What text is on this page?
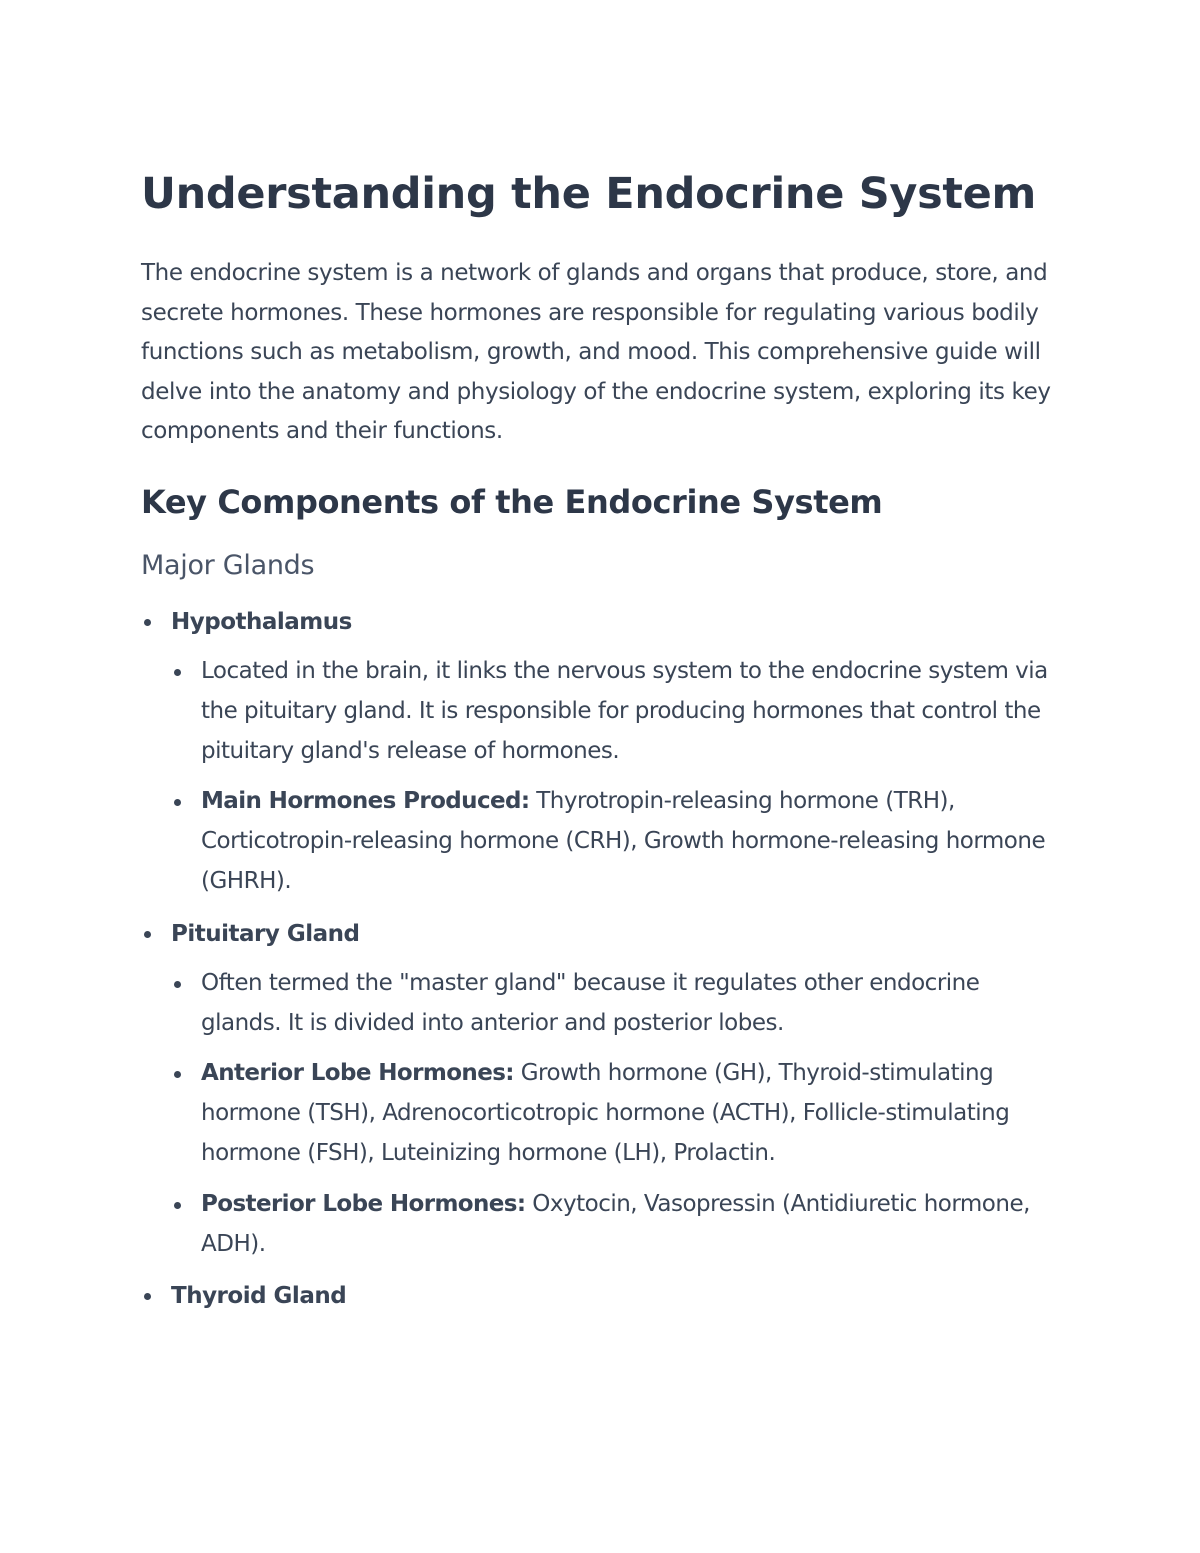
Understanding the Endocrine System

The endocrine system is a network of glands and organs that produce, store, and secrete hormones. These hormones are responsible for regulating various bodily functions such as metabolism, growth, and mood. This comprehensive guide will delve into the anatomy and physiology of the endocrine system, exploring its key components and their functions.

Key Components of the Endocrine System
Major Glands
Hypothalamus
Located in the brain, it links the nervous system to the endocrine system via the pituitary gland. It is responsible for producing hormones that control the pituitary gland's release of hormones.
Main Hormones Produced: Thyrotropin-releasing hormone (TRH), Corticotropin-releasing hormone (CRH), Growth hormone-releasing hormone (GHRH).
Pituitary Gland
Often termed the "master gland" because it regulates other endocrine glands. It is divided into anterior and posterior lobes.
Anterior Lobe Hormones: Growth hormone (GH), Thyroid-stimulating hormone (TSH), Adrenocorticotropic hormone (ACTH), Follicle-stimulating hormone (FSH), Luteinizing hormone (LH), Prolactin.
Posterior Lobe Hormones: Oxytocin, Vasopressin (Antidiuretic hormone, ADH).
Thyroid Gland
